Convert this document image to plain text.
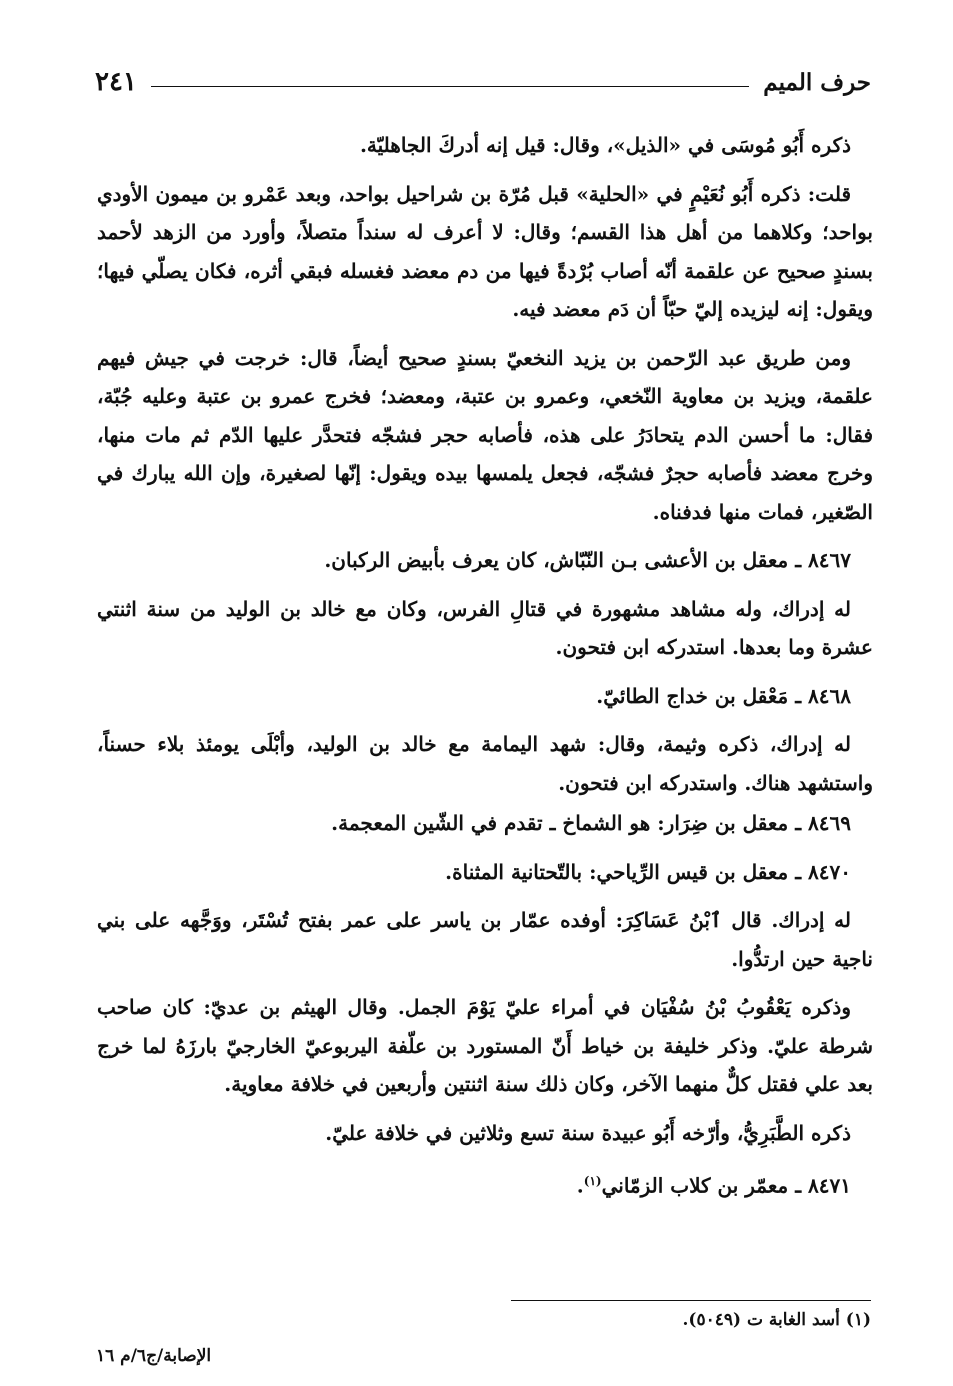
حرف الميم
٢٤١

ذكره أَبُو مُوسَى في «الذيل»، وقال: قيل إنه أدركَ الجاهليّة.

قلت: ذكره أَبُو نُعَيْمٍ في «الحلية» قبل مُرّة بن شراحيل بواحد، وبعد عَمْرو بن ميمون الأودي بواحد؛ وكلاهما من أهل هذا القسم؛ وقال: لا أعرف له سنداً متصلاً، وأورد من الزهد لأحمد بسندٍ صحيح عن علقمة أنّه أصاب بُرْدةً فيها من دم معضد فغسله فبقي أثره، فكان يصلّي فيها؛ ويقول: إنه ليزيده إليّ حبّاً أن دَم معضد فيه.

ومن طريق عبد الرّحمن بن يزيد النخعيّ بسندٍ صحيح أيضاً، قال: خرجت في جيش فيهم علقمة، ويزيد بن معاوية النّخعي، وعمرو بن عتبة، ومعضد؛ فخرج عمرو بن عتبة وعليه جُبّة، فقال: ما أحسن الدم يتحادَرُ على هذه، فأصابه حجر فشجّه فتحدَّر عليها الدّم ثم مات منها، وخرج معضد فأصابه حجرٌ فشجّه، فجعل يلمسها بيده ويقول: إنّها لصغيرة، وإن الله يبارك في الصّغير، فمات منها فدفناه.

٨٤٦٧ ـ معقل بن الأعشى بـن النّبّاش، كان يعرف بأبيض الركبان.

له إدراك، وله مشاهد مشهورة في قتالِ الفرس، وكان مع خالد بن الوليد من سنة اثنتي عشرة وما بعدها. استدركه ابن فتحون.

٨٤٦٨ ـ مَعْقل بن خداج الطائيّ.

له إدراك، ذكره وثيمة، وقال: شهد اليمامة مع خالد بن الوليد، وأبْلَى يومئذ بلاء حسناً، واستشهد هناك. واستدركه ابن فتحون.

٨٤٦٩ ـ معقل بن ضِرَار: هو الشماخ ـ تقدم في الشّين المعجمة.

٨٤٧٠ ـ معقل بن قيس الرِّياحي: بالتّحتانية المثناة.

له إدراك. قال ٱبْنُ عَسَاكِرَ: أوفده عمّار بن ياسر على عمر بفتح تُسْتَر، ووَجَّهه على بني ناجية حين ارتدُّوا.

وذكره يَعْقُوبُ بْنُ سُفْيَان في أمراء عليّ يَوْمَ الجمل. وقال الهيثم بن عديّ: كان صاحب شرطة عليّ. وذكر خليفة بن خياط أَنّ المستورد بن علّفة اليربوعيّ الخارجيّ بارزَهُ لما خرج بعد علي فقتل كلٌّ منهما الآخر، وكان ذلك سنة اثنتين وأربعين في خلافة معاوية.

ذكره الطَّبَرِيُّ، وأرّخه أَبُو عبيدة سنة تسع وثلاثين في خلافة عليّ.

٨٤٧١ ـ معمّر بن كلاب الزمّاني$^{(١)}$.

(١) أسد الغابة ت (٥٠٤٩).
الإصابة/ج٦/م ١٦
